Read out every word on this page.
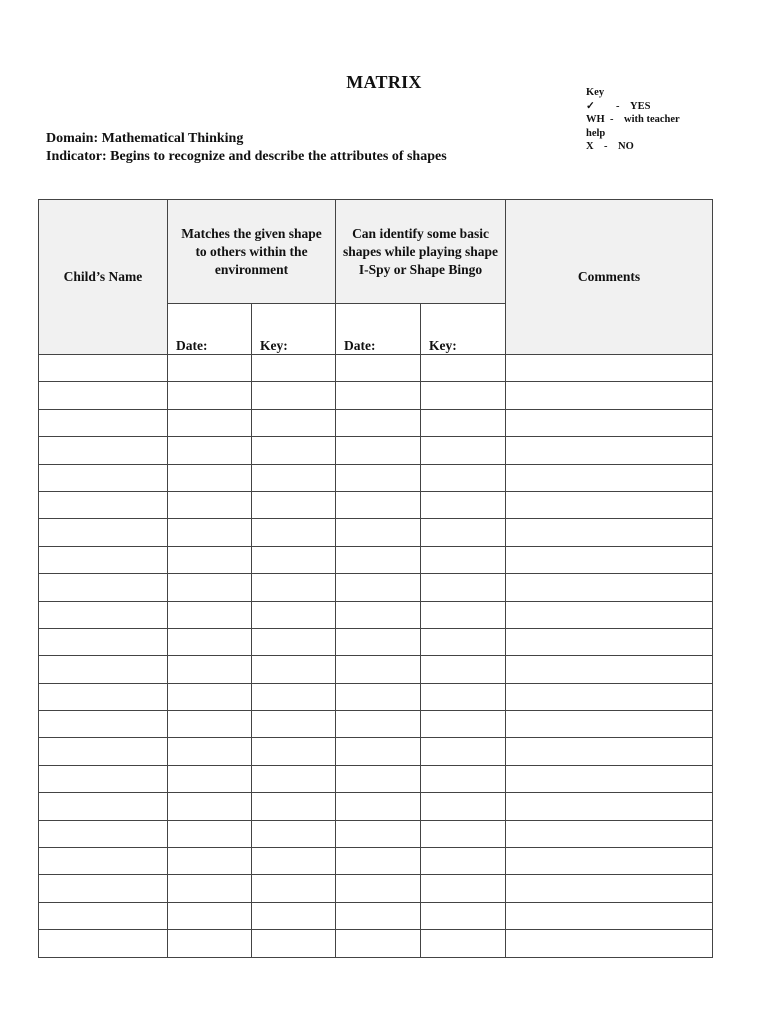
MATRIX
Key
✓	-	YES
WH -	with teacher
help
X -	NO
Domain: Mathematical Thinking
Indicator: Begins to recognize and describe the attributes of shapes
Child’s Name	Matches the given shape to others within the environment		Can identify some basic shapes while playing shape I-Spy or Shape Bingo		Comments

	Date:	Key:	Date:	Key:	
